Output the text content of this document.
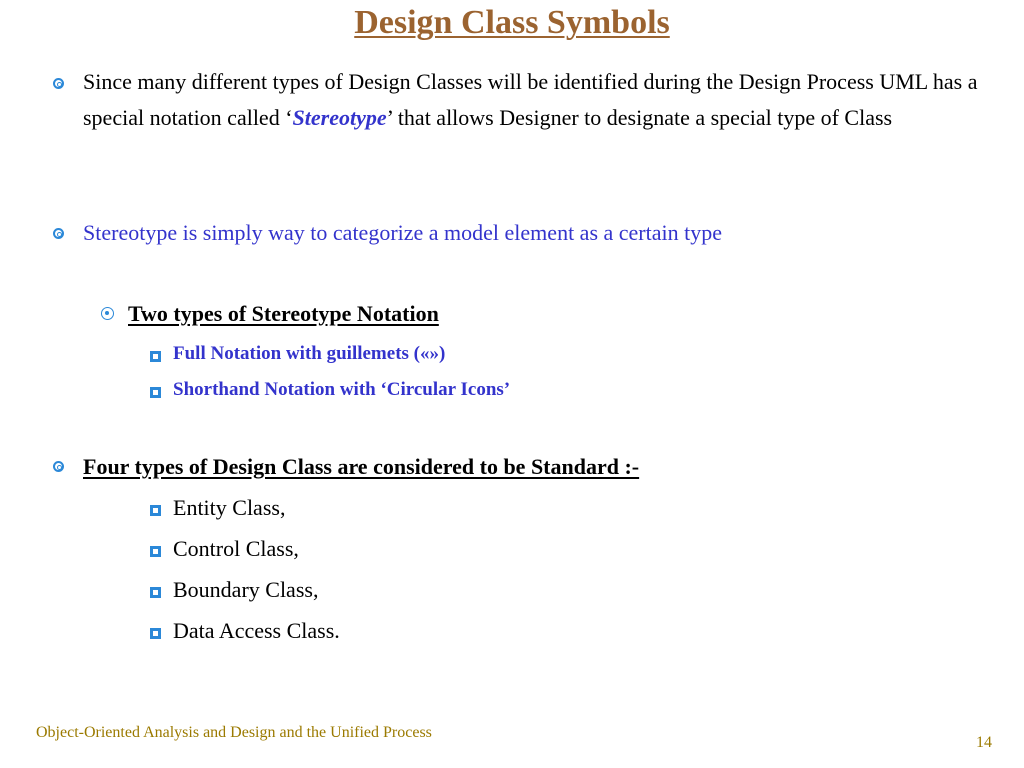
Design Class Symbols
Since many different types of Design Classes will be identified during the Design Process UML has a special notation called ‘Stereotype’ that allows Designer to designate a special type of Class
Stereotype is simply way to categorize a model element as a certain type
Two types of Stereotype Notation
Full Notation with guillemets («»)
Shorthand Notation with ‘Circular Icons’
Four types of Design Class are considered to be Standard :-
Entity Class,
Control Class,
Boundary Class,
Data Access Class.
Object-Oriented Analysis and Design and the Unified Process
14
